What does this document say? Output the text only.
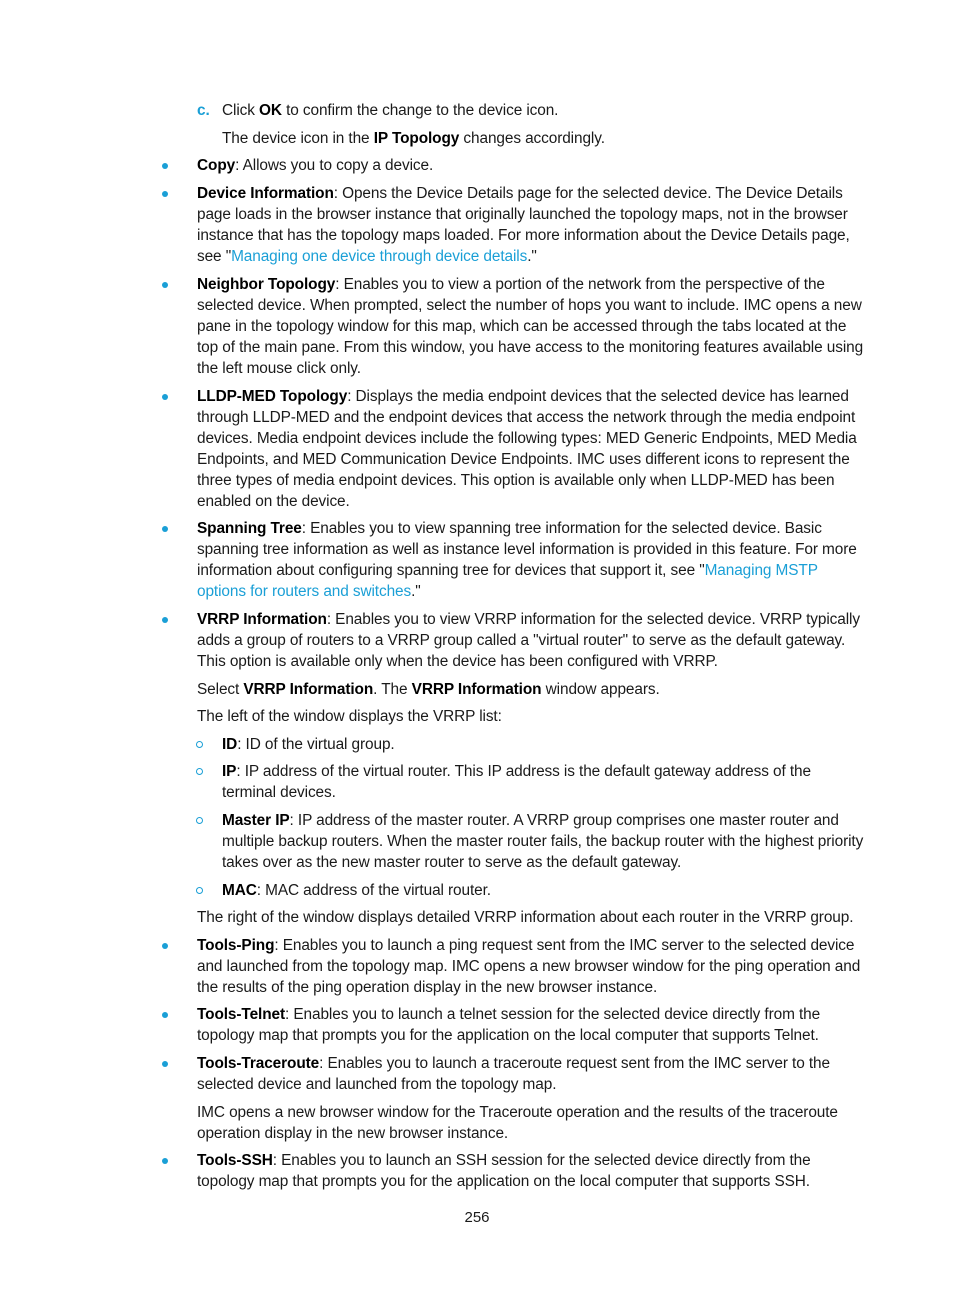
c. Click OK to confirm the change to the device icon.
The device icon in the IP Topology changes accordingly.
Copy: Allows you to copy a device.
Device Information: Opens the Device Details page for the selected device. The Device Details page loads in the browser instance that originally launched the topology maps, not in the browser instance that has the topology maps loaded. For more information about the Device Details page, see "Managing one device through device details."
Neighbor Topology: Enables you to view a portion of the network from the perspective of the selected device. When prompted, select the number of hops you want to include. IMC opens a new pane in the topology window for this map, which can be accessed through the tabs located at the top of the main pane. From this window, you have access to the monitoring features available using the left mouse click only.
LLDP-MED Topology: Displays the media endpoint devices that the selected device has learned through LLDP-MED and the endpoint devices that access the network through the media endpoint devices. Media endpoint devices include the following types: MED Generic Endpoints, MED Media Endpoints, and MED Communication Device Endpoints. IMC uses different icons to represent the three types of media endpoint devices. This option is available only when LLDP-MED has been enabled on the device.
Spanning Tree: Enables you to view spanning tree information for the selected device. Basic spanning tree information as well as instance level information is provided in this feature. For more information about configuring spanning tree for devices that support it, see "Managing MSTP options for routers and switches."
VRRP Information: Enables you to view VRRP information for the selected device. VRRP typically adds a group of routers to a VRRP group called a "virtual router" to serve as the default gateway. This option is available only when the device has been configured with VRRP.
Select VRRP Information. The VRRP Information window appears.
The left of the window displays the VRRP list:
ID: ID of the virtual group.
IP: IP address of the virtual router. This IP address is the default gateway address of the terminal devices.
Master IP: IP address of the master router. A VRRP group comprises one master router and multiple backup routers. When the master router fails, the backup router with the highest priority takes over as the new master router to serve as the default gateway.
MAC: MAC address of the virtual router.
The right of the window displays detailed VRRP information about each router in the VRRP group.
Tools-Ping: Enables you to launch a ping request sent from the IMC server to the selected device and launched from the topology map. IMC opens a new browser window for the ping operation and the results of the ping operation display in the new browser instance.
Tools-Telnet: Enables you to launch a telnet session for the selected device directly from the topology map that prompts you for the application on the local computer that supports Telnet.
Tools-Traceroute: Enables you to launch a traceroute request sent from the IMC server to the selected device and launched from the topology map.
IMC opens a new browser window for the Traceroute operation and the results of the traceroute operation display in the new browser instance.
Tools-SSH: Enables you to launch an SSH session for the selected device directly from the topology map that prompts you for the application on the local computer that supports SSH.
256
